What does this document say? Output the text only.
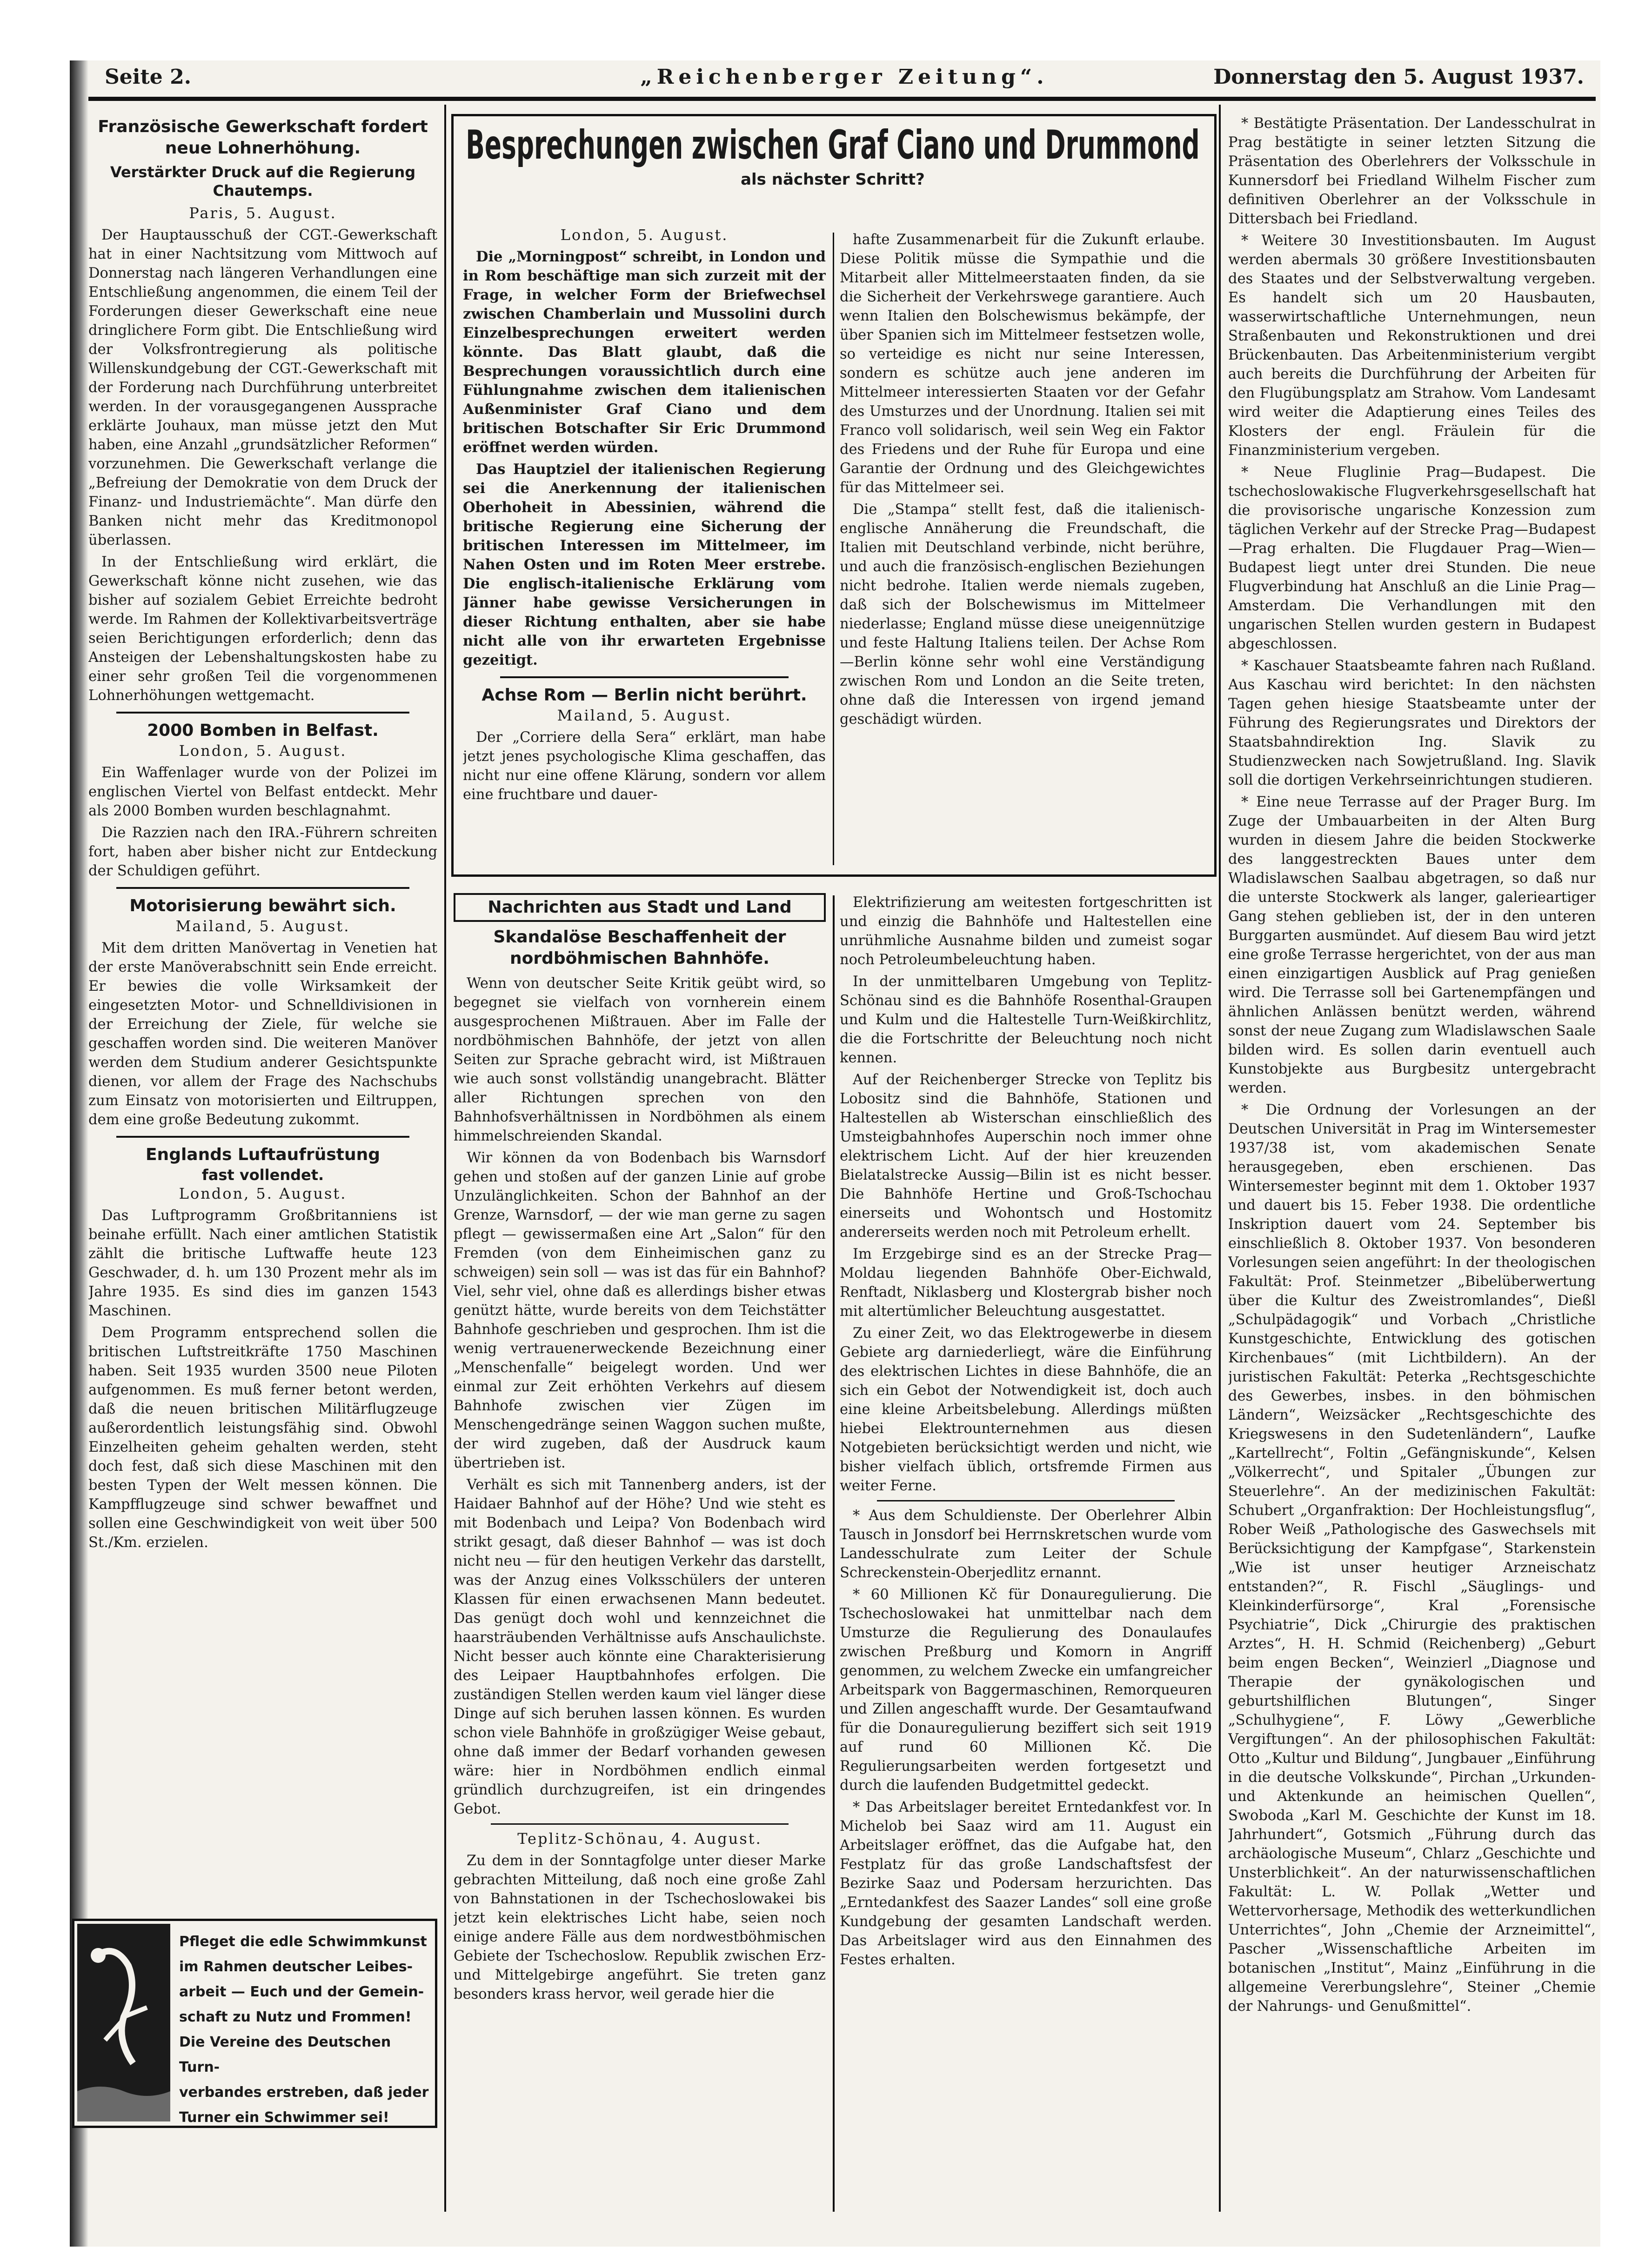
Seite 2.	„Reichenberger Zeitung“.	Donnerstag den 5. August 1937.
Französische Gewerkschaft fordert neue Lohnerhöhung.
Verstärkter Druck auf die Regierung Chautemps.

Paris, 5. August.

Der Hauptausschuß der CGT.-Gewerkschaft hat in einer Nachtsitzung vom Mittwoch auf Donnerstag nach längeren Verhandlungen eine Entschließung angenommen, die einem Teil der Forderungen dieser Gewerkschaft eine neue dringlichere Form gibt. Die Entschließung wird der Volksfrontregierung als politische Willenskundgebung der CGT.-Gewerkschaft mit der Forderung nach Durchführung unterbreitet werden. In der vorausgegangenen Aussprache erklärte Jouhaux, man müsse jetzt den Mut haben, eine Anzahl „grundsätzlicher Reformen“ vorzunehmen. Die Gewerkschaft verlange die „Befreiung der Demokratie von dem Druck der Finanz- und Industriemächte“. Man dürfe den Banken nicht mehr das Kreditmonopol überlassen.

In der Entschließung wird erklärt, die Gewerkschaft könne nicht zusehen, wie das bisher auf sozialem Gebiet Erreichte bedroht werde. Im Rahmen der Kollektivarbeitsverträge seien Berichtigungen erforderlich; denn das Ansteigen der Lebenshaltungskosten habe zu einer sehr großen Teil die vorgenommenen Lohnerhöhungen wettgemacht.

2000 Bomben in Belfast.

London, 5. August.

Ein Waffenlager wurde von der Polizei im englischen Viertel von Belfast entdeckt. Mehr als 2000 Bomben wurden beschlagnahmt.

Die Razzien nach den IRA.-Führern schreiten fort, haben aber bisher nicht zur Entdeckung der Schuldigen geführt.

Motorisierung bewährt sich.

Mailand, 5. August.

Mit dem dritten Manövertag in Venetien hat der erste Manöverabschnitt sein Ende erreicht. Er bewies die volle Wirksamkeit der eingesetzten Motor- und Schnelldivisionen in der Erreichung der Ziele, für welche sie geschaffen worden sind. Die weiteren Manöver werden dem Studium anderer Gesichtspunkte dienen, vor allem der Frage des Nachschubs zum Einsatz von motorisierten und Eiltruppen, dem eine große Bedeutung zukommt.

Englands Luftaufrüstung
fast vollendet.

London, 5. August.

Das Luftprogramm Großbritanniens ist beinahe erfüllt. Nach einer amtlichen Statistik zählt die britische Luftwaffe heute 123 Geschwader, d. h. um 130 Prozent mehr als im Jahre 1935. Es sind dies im ganzen 1543 Maschinen.

Dem Programm entsprechend sollen die britischen Luftstreitkräfte 1750 Maschinen haben. Seit 1935 wurden 3500 neue Piloten aufgenommen. Es muß ferner betont werden, daß die neuen britischen Militärflugzeuge außerordentlich leistungsfähig sind. Obwohl Einzelheiten geheim gehalten werden, steht doch fest, daß sich diese Maschinen mit den besten Typen der Welt messen können. Die Kampfflugzeuge sind schwer bewaffnet und sollen eine Geschwindigkeit von weit über 500 St./Km. erzielen.

Pfleget die edle Schwimmkunst
im Rahmen deutscher Leibes-
arbeit — Euch und der Gemein-
schaft zu Nutz und Frommen!
Die Vereine des Deutschen Turn-
verbandes erstreben, daß jeder
Turner ein Schwimmer sei!
Besprechungen zwischen Graf Ciano und Drummond
als nächster Schritt?

London, 5. August.

Die „Morningpost“ schreibt, in London und in Rom beschäftige man sich zurzeit mit der Frage, in welcher Form der Briefwechsel zwischen Chamberlain und Mussolini durch Einzelbesprechungen erweitert werden könnte. Das Blatt glaubt, daß die Besprechungen voraussichtlich durch eine Fühlungnahme zwischen dem italienischen Außenminister Graf Ciano und dem britischen Botschafter Sir Eric Drummond eröffnet werden würden.

Das Hauptziel der italienischen Regierung sei die Anerkennung der italienischen Oberhoheit in Abessinien, während die britische Regierung eine Sicherung der britischen Interessen im Mittelmeer, im Nahen Osten und im Roten Meer erstrebe. Die englisch-italienische Erklärung vom Jänner habe gewisse Versicherungen in dieser Richtung enthalten, aber sie habe nicht alle von ihr erwarteten Ergebnisse gezeitigt.

Achse Rom — Berlin nicht berührt.

Mailand, 5. August.

Der „Corriere della Sera“ erklärt, man habe jetzt jenes psychologische Klima geschaffen, das nicht nur eine offene Klärung, sondern vor allem eine fruchtbare und dauer-

hafte Zusammenarbeit für die Zukunft erlaube. Diese Politik müsse die Sympathie und die Mitarbeit aller Mittelmeerstaaten finden, da sie die Sicherheit der Verkehrswege garantiere. Auch wenn Italien den Bolschewismus bekämpfe, der über Spanien sich im Mittelmeer festsetzen wolle, so verteidige es nicht nur seine Interessen, sondern es schütze auch jene anderen im Mittelmeer interessierten Staaten vor der Gefahr des Umsturzes und der Unordnung. Italien sei mit Franco voll solidarisch, weil sein Weg ein Faktor des Friedens und der Ruhe für Europa und eine Garantie der Ordnung und des Gleichgewichtes für das Mittelmeer sei.

Die „Stampa“ stellt fest, daß die italienisch-englische Annäherung die Freundschaft, die Italien mit Deutschland verbinde, nicht berühre, und auch die französisch-englischen Beziehungen nicht bedrohe. Italien werde niemals zugeben, daß sich der Bolschewismus im Mittelmeer niederlasse; England müsse diese uneigennützige und feste Haltung Italiens teilen. Der Achse Rom—Berlin könne sehr wohl eine Verständigung zwischen Rom und London an die Seite treten, ohne daß die Interessen von irgend jemand geschädigt würden.

Nachrichten aus Stadt und Land
Skandalöse Beschaffenheit der nordböhmischen Bahnhöfe.

Wenn von deutscher Seite Kritik geübt wird, so begegnet sie vielfach von vornherein einem ausgesprochenen Mißtrauen. Aber im Falle der nordböhmischen Bahnhöfe, der jetzt von allen Seiten zur Sprache gebracht wird, ist Mißtrauen wie auch sonst vollständig unangebracht. Blätter aller Richtungen sprechen von den Bahnhofsverhältnissen in Nordböhmen als einem himmelschreienden Skandal.

Wir können da von Bodenbach bis Warnsdorf gehen und stoßen auf der ganzen Linie auf grobe Unzulänglichkeiten. Schon der Bahnhof an der Grenze, Warnsdorf, — der wie man gerne zu sagen pflegt — gewissermaßen eine Art „Salon“ für den Fremden (von dem Einheimischen ganz zu schweigen) sein soll — was ist das für ein Bahnhof? Viel, sehr viel, ohne daß es allerdings bisher etwas genützt hätte, wurde bereits von dem Teichstätter Bahnhofe geschrieben und gesprochen. Ihm ist die wenig vertrauenerweckende Bezeichnung einer „Menschenfalle“ beigelegt worden. Und wer einmal zur Zeit erhöhten Verkehrs auf diesem Bahnhofe zwischen vier Zügen im Menschengedränge seinen Waggon suchen mußte, der wird zugeben, daß der Ausdruck kaum übertrieben ist.

Verhält es sich mit Tannenberg anders, ist der Haidaer Bahnhof auf der Höhe? Und wie steht es mit Bodenbach und Leipa? Von Bodenbach wird strikt gesagt, daß dieser Bahnhof — was ist doch nicht neu — für den heutigen Verkehr das darstellt, was der Anzug eines Volksschülers der unteren Klassen für einen erwachsenen Mann bedeutet. Das genügt doch wohl und kennzeichnet die haarsträubenden Verhältnisse aufs Anschaulichste. Nicht besser auch könnte eine Charakterisierung des Leipaer Hauptbahnhofes erfolgen. Die zuständigen Stellen werden kaum viel länger diese Dinge auf sich beruhen lassen können. Es wurden schon viele Bahnhöfe in großzügiger Weise gebaut, ohne daß immer der Bedarf vorhanden gewesen wäre: hier in Nordböhmen endlich einmal gründlich durchzugreifen, ist ein dringendes Gebot.

Teplitz-Schönau, 4. August.

Zu dem in der Sonntagfolge unter dieser Marke gebrachten Mitteilung, daß noch eine große Zahl von Bahnstationen in der Tschechoslowakei bis jetzt kein elektrisches Licht habe, seien noch einige andere Fälle aus dem nordwestböhmischen Gebiete der Tschechoslow. Republik zwischen Erz- und Mittelgebirge angeführt. Sie treten ganz besonders krass hervor, weil gerade hier die

Elektrifizierung am weitesten fortgeschritten ist und einzig die Bahnhöfe und Haltestellen eine unrühmliche Ausnahme bilden und zumeist sogar noch Petroleumbeleuchtung haben.

In der unmittelbaren Umgebung von Teplitz-Schönau sind es die Bahnhöfe Rosenthal-Graupen und Kulm und die Haltestelle Turn-Weißkirchlitz, die die Fortschritte der Beleuchtung noch nicht kennen.

Auf der Reichenberger Strecke von Teplitz bis Lobositz sind die Bahnhöfe, Stationen und Haltestellen ab Wisterschan einschließlich des Umsteigbahnhofes Auperschin noch immer ohne elektrischem Licht. Auf der hier kreuzenden Bielatalstrecke Aussig—Bilin ist es nicht besser. Die Bahnhöfe Hertine und Groß-Tschochau einerseits und Wohontsch und Hostomitz andererseits werden noch mit Petroleum erhellt.

Im Erzgebirge sind es an der Strecke Prag—Moldau liegenden Bahnhöfe Ober-Eichwald, Renftadt, Niklasberg und Klostergrab bisher noch mit altertümlicher Beleuchtung ausgestattet.

Zu einer Zeit, wo das Elektrogewerbe in diesem Gebiete arg darniederliegt, wäre die Einführung des elektrischen Lichtes in diese Bahnhöfe, die an sich ein Gebot der Notwendigkeit ist, doch auch eine kleine Arbeitsbelebung. Allerdings müßten hiebei Elektrounternehmen aus diesen Notgebieten berücksichtigt werden und nicht, wie bisher vielfach üblich, ortsfremde Firmen aus weiter Ferne.

* Aus dem Schuldienste. Der Oberlehrer Albin Tausch in Jonsdorf bei Herrnskretschen wurde vom Landesschulrate zum Leiter der Schule Schreckenstein-Oberjedlitz ernannt.

* 60 Millionen Kč für Donauregulierung. Die Tschechoslowakei hat unmittelbar nach dem Umsturze die Regulierung des Donaulaufes zwischen Preßburg und Komorn in Angriff genommen, zu welchem Zwecke ein umfangreicher Arbeitspark von Baggermaschinen, Remorqueuren und Zillen angeschafft wurde. Der Gesamtaufwand für die Donauregulierung beziffert sich seit 1919 auf rund 60 Millionen Kč. Die Regulierungsarbeiten werden fortgesetzt und durch die laufenden Budgetmittel gedeckt.

* Das Arbeitslager bereitet Erntedankfest vor. In Michelob bei Saaz wird am 11. August ein Arbeitslager eröffnet, das die Aufgabe hat, den Festplatz für das große Landschaftsfest der Bezirke Saaz und Podersam herzurichten. Das „Erntedankfest des Saazer Landes“ soll eine große Kundgebung der gesamten Landschaft werden. Das Arbeitslager wird aus den Einnahmen des Festes erhalten.

* Bestätigte Präsentation. Der Landesschulrat in Prag bestätigte in seiner letzten Sitzung die Präsentation des Oberlehrers der Volksschule in Kunnersdorf bei Friedland Wilhelm Fischer zum definitiven Oberlehrer an der Volksschule in Dittersbach bei Friedland.

* Weitere 30 Investitionsbauten. Im August werden abermals 30 größere Investitionsbauten des Staates und der Selbstverwaltung vergeben. Es handelt sich um 20 Hausbauten, wasserwirtschaftliche Unternehmungen, neun Straßenbauten und Rekonstruktionen und drei Brückenbauten. Das Arbeitenministerium vergibt auch bereits die Durchführung der Arbeiten für den Flugübungsplatz am Strahow. Vom Landesamt wird weiter die Adaptierung eines Teiles des Klosters der engl. Fräulein für die Finanzministerium vergeben.

* Neue Fluglinie Prag—Budapest. Die tschechoslowakische Flugverkehrsgesellschaft hat die provisorische ungarische Konzession zum täglichen Verkehr auf der Strecke Prag—Budapest—Prag erhalten. Die Flugdauer Prag—Wien—Budapest liegt unter drei Stunden. Die neue Flugverbindung hat Anschluß an die Linie Prag—Amsterdam. Die Verhandlungen mit den ungarischen Stellen wurden gestern in Budapest abgeschlossen.

* Kaschauer Staatsbeamte fahren nach Rußland. Aus Kaschau wird berichtet: In den nächsten Tagen gehen hiesige Staatsbeamte unter der Führung des Regierungsrates und Direktors der Staatsbahndirektion Ing. Slavik zu Studienzwecken nach Sowjetrußland. Ing. Slavik soll die dortigen Verkehrseinrichtungen studieren.

* Eine neue Terrasse auf der Prager Burg. Im Zuge der Umbauarbeiten in der Alten Burg wurden in diesem Jahre die beiden Stockwerke des langgestreckten Baues unter dem Wladislawschen Saalbau abgetragen, so daß nur die unterste Stockwerk als langer, galerieartiger Gang stehen geblieben ist, der in den unteren Burggarten ausmündet. Auf diesem Bau wird jetzt eine große Terrasse hergerichtet, von der aus man einen einzigartigen Ausblick auf Prag genießen wird. Die Terrasse soll bei Gartenempfängen und ähnlichen Anlässen benützt werden, während sonst der neue Zugang zum Wladislawschen Saale bilden wird. Es sollen darin eventuell auch Kunstobjekte aus Burgbesitz untergebracht werden.

* Die Ordnung der Vorlesungen an der Deutschen Universität in Prag im Wintersemester 1937/38 ist, vom akademischen Senate herausgegeben, eben erschienen. Das Wintersemester beginnt mit dem 1. Oktober 1937 und dauert bis 15. Feber 1938. Die ordentliche Inskription dauert vom 24. September bis einschließlich 8. Oktober 1937. Von besonderen Vorlesungen seien angeführt: In der theologischen Fakultät: Prof. Steinmetzer „Bibelüberwertung über die Kultur des Zweistromlandes“, Dießl „Schulpädagogik“ und Vorbach „Christliche Kunstgeschichte, Entwicklung des gotischen Kirchenbaues“ (mit Lichtbildern). An der juristischen Fakultät: Peterka „Rechtsgeschichte des Gewerbes, insbes. in den böhmischen Ländern“, Weizsäcker „Rechtsgeschichte des Kriegswesens in den Sudetenländern“, Laufke „Kartellrecht“, Foltin „Gefängniskunde“, Kelsen „Völkerrecht“, und Spitaler „Übungen zur Steuerlehre“. An der medizinischen Fakultät: Schubert „Organfraktion: Der Hochleistungsflug“, Rober Weiß „Pathologische des Gaswechsels mit Berücksichtigung der Kampfgase“, Starkenstein „Wie ist unser heutiger Arzneischatz entstanden?“, R. Fischl „Säuglings- und Kleinkinderfürsorge“, Kral „Forensische Psychiatrie“, Dick „Chirurgie des praktischen Arztes“, H. H. Schmid (Reichenberg) „Geburt beim engen Becken“, Weinzierl „Diagnose und Therapie der gynäkologischen und geburtshilflichen Blutungen“, Singer „Schulhygiene“, F. Löwy „Gewerbliche Vergiftungen“. An der philosophischen Fakultät: Otto „Kultur und Bildung“, Jungbauer „Einführung in die deutsche Volkskunde“, Pirchan „Urkunden- und Aktenkunde an heimischen Quellen“, Swoboda „Karl M. Geschichte der Kunst im 18. Jahrhundert“, Gotsmich „Führung durch das archäologische Museum“, Chlarz „Geschichte und Unsterblichkeit“. An der naturwissenschaftlichen Fakultät: L. W. Pollak „Wetter und Wettervorhersage, Methodik des wetterkundlichen Unterrichtes“, John „Chemie der Arzneimittel“, Pascher „Wissenschaftliche Arbeiten im botanischen „Institut“, Mainz „Einführung in die allgemeine Vererbungslehre“, Steiner „Chemie der Nahrungs- und Genußmittel“.
